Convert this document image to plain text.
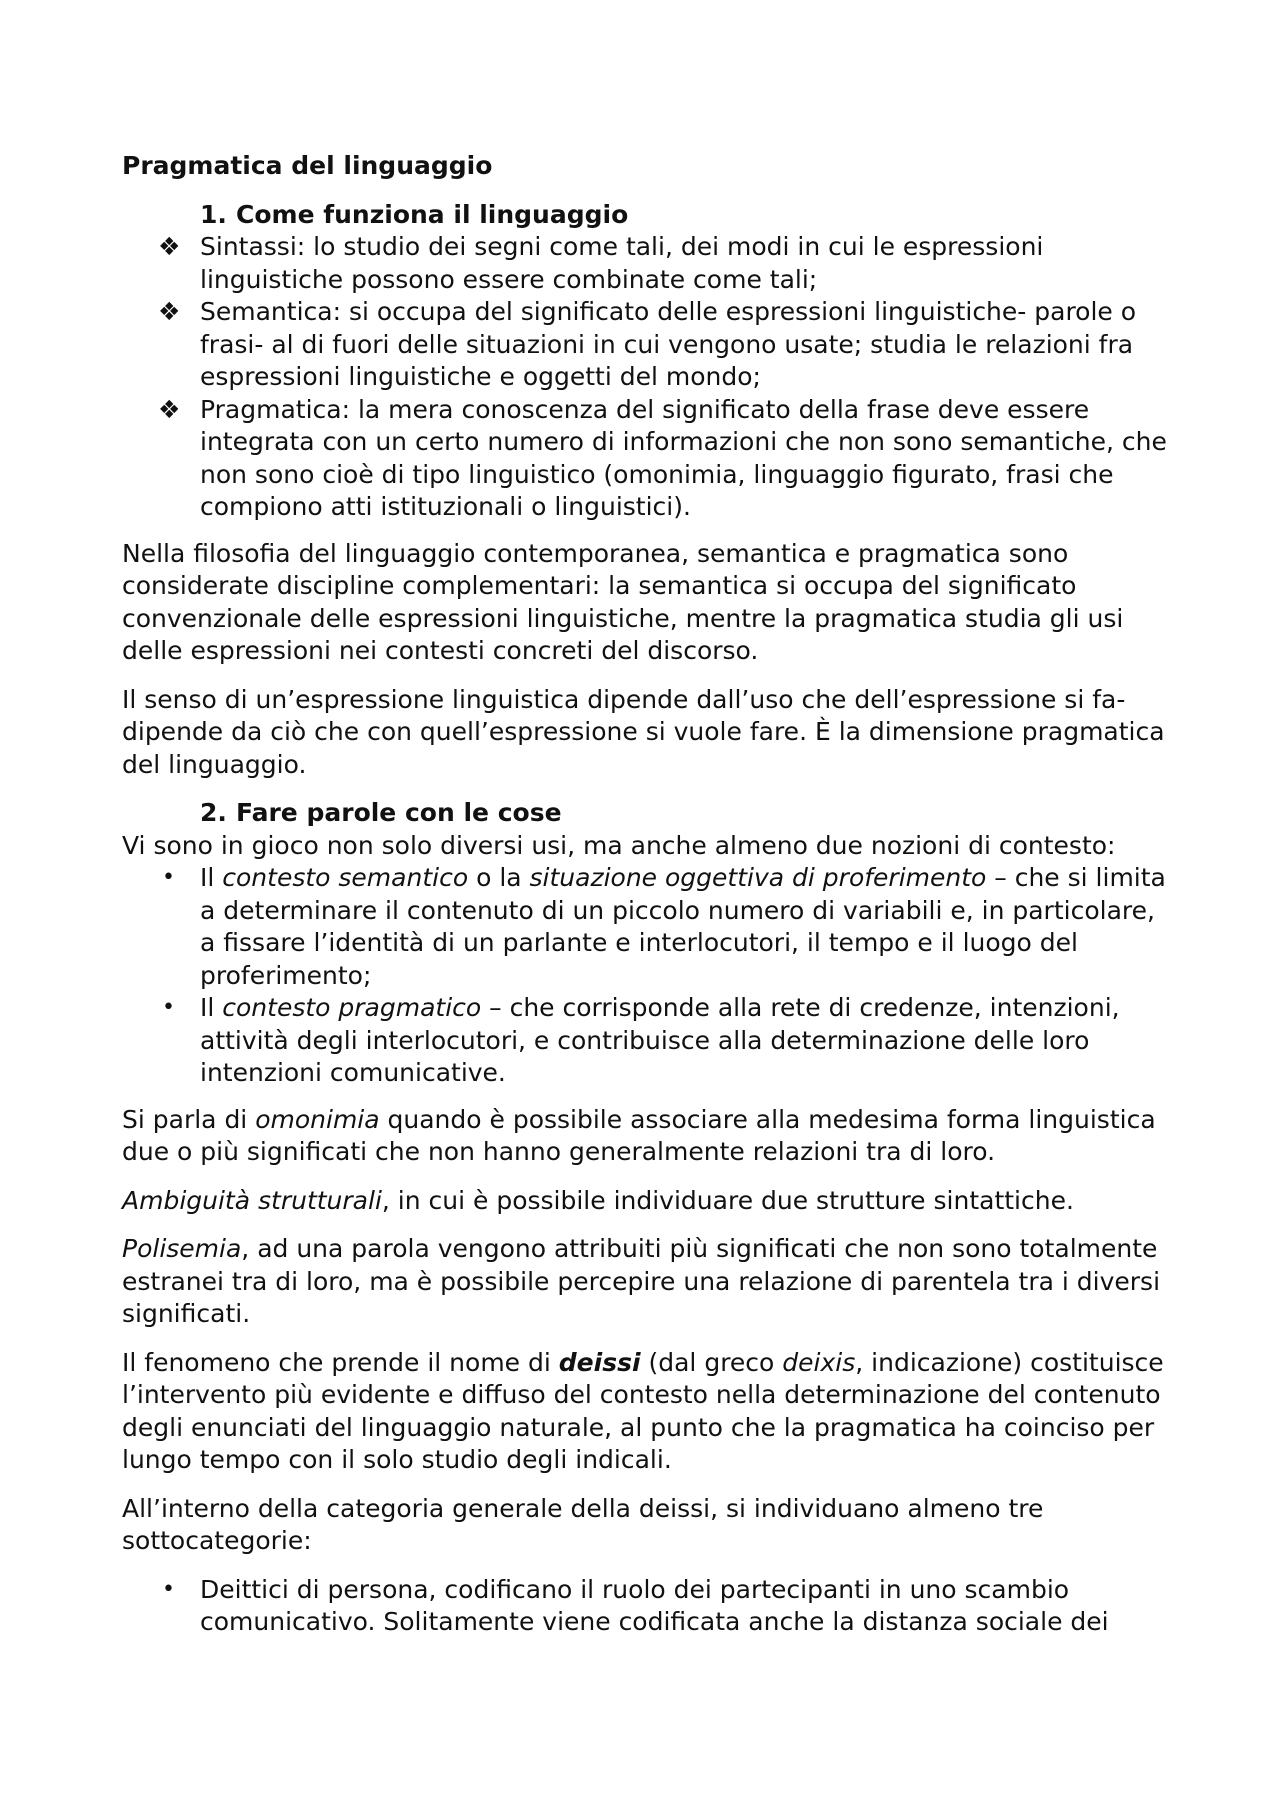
Pragmatica del linguaggio
1. Come funziona il linguaggio
❖ Sintassi: lo studio dei segni come tali, dei modi in cui le espressioni linguistiche possono essere combinate come tali;
❖ Semantica: si occupa del significato delle espressioni linguistiche- parole o frasi- al di fuori delle situazioni in cui vengono usate; studia le relazioni fra espressioni linguistiche e oggetti del mondo;
❖ Pragmatica: la mera conoscenza del significato della frase deve essere integrata con un certo numero di informazioni che non sono semantiche, che non sono cioè di tipo linguistico (omonimia, linguaggio figurato, frasi che compiono atti istituzionali o linguistici).

Nella filosofia del linguaggio contemporanea, semantica e pragmatica sono considerate discipline complementari: la semantica si occupa del significato convenzionale delle espressioni linguistiche, mentre la pragmatica studia gli usi delle espressioni nei contesti concreti del discorso.

Il senso di un’espressione linguistica dipende dall’uso che dell’espressione si fa-dipende da ciò che con quell’espressione si vuole fare. È la dimensione pragmatica del linguaggio.

2. Fare parole con le cose

Vi sono in gioco non solo diversi usi, ma anche almeno due nozioni di contesto:

•	Il contesto semantico o la situazione oggettiva di proferimento – che si limita a determinare il contenuto di un piccolo numero di variabili e, in particolare, a fissare l’identità di un parlante e interlocutori, il tempo e il luogo del proferimento;
•	Il contesto pragmatico – che corrisponde alla rete di credenze, intenzioni, attività degli interlocutori, e contribuisce alla determinazione delle loro intenzioni comunicative.

Si parla di omonimia quando è possibile associare alla medesima forma linguistica due o più significati che non hanno generalmente relazioni tra di loro.

Ambiguità strutturali, in cui è possibile individuare due strutture sintattiche.

Polisemia, ad una parola vengono attribuiti più significati che non sono totalmente estranei tra di loro, ma è possibile percepire una relazione di parentela tra i diversi significati.

Il fenomeno che prende il nome di deissi (dal greco deixis, indicazione) costituisce l’intervento più evidente e diffuso del contesto nella determinazione del contenuto degli enunciati del linguaggio naturale, al punto che la pragmatica ha coinciso per lungo tempo con il solo studio degli indicali.

All’interno della categoria generale della deissi, si individuano almeno tre sottocategorie:

•	Deittici di persona, codificano il ruolo dei partecipanti in uno scambio comunicativo. Solitamente viene codificata anche la distanza sociale dei
